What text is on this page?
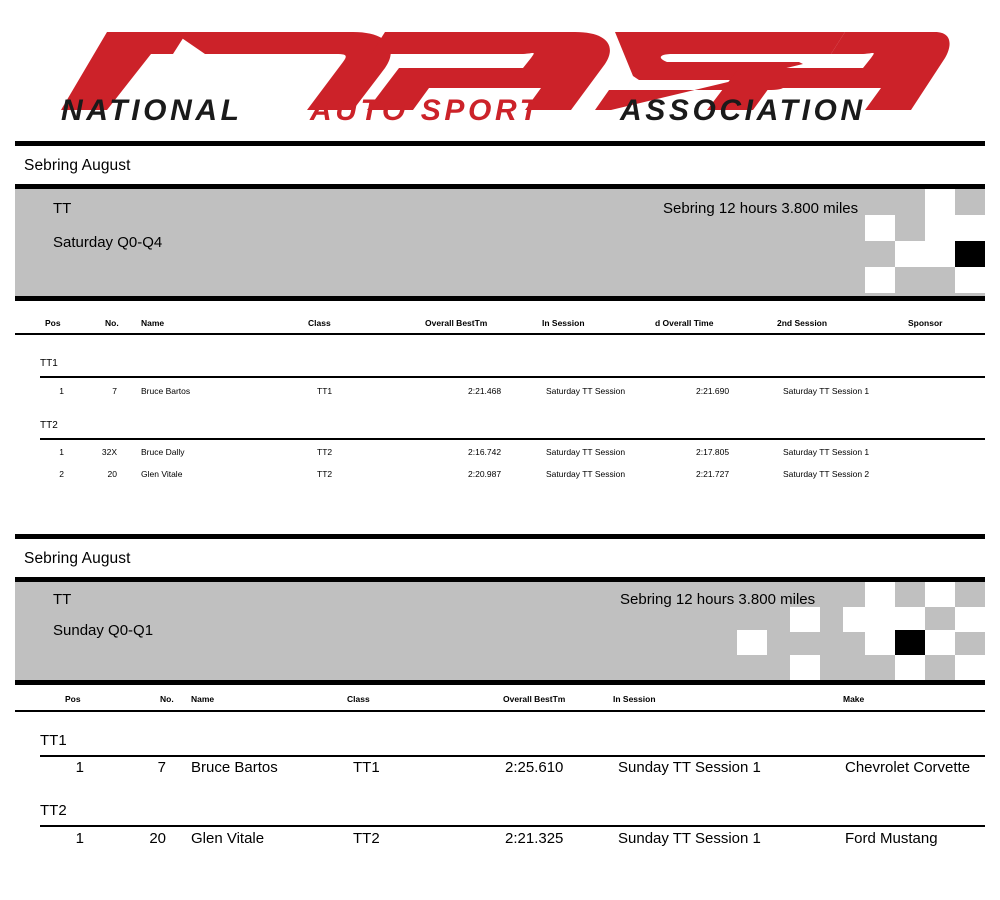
NATIONAL AUTO SPORT	ASSOCIATION
Sebring August
TT	Sebring 12 hours 3.800 miles
Saturday Q0-Q4
Pos	No.	Name	Class	Overall BestTm	In Session	d Overall Time	2nd Session	Sponsor
TT1
1	7	Bruce Bartos	TT1	2:21.468	Saturday TT Session	2:21.690	Saturday TT Session 1
TT2
1	32X	Bruce Dally	TT2	2:16.742	Saturday TT Session	2:17.805	Saturday TT Session 1
2	20	Glen Vitale	TT2	2:20.987	Saturday TT Session	2:21.727	Saturday TT Session 2
Sebring August
TT	Sebring 12 hours 3.800 miles
Sunday Q0-Q1
Pos	No. Name	Class	Overall BestTm	In Session	Make
TT1
1	7 Bruce Bartos	TT1	2:25.610	Sunday TT Session 1	Chevrolet Corvette
TT2
1	20 Glen Vitale	TT2	2:21.325	Sunday TT Session 1	Ford Mustang
